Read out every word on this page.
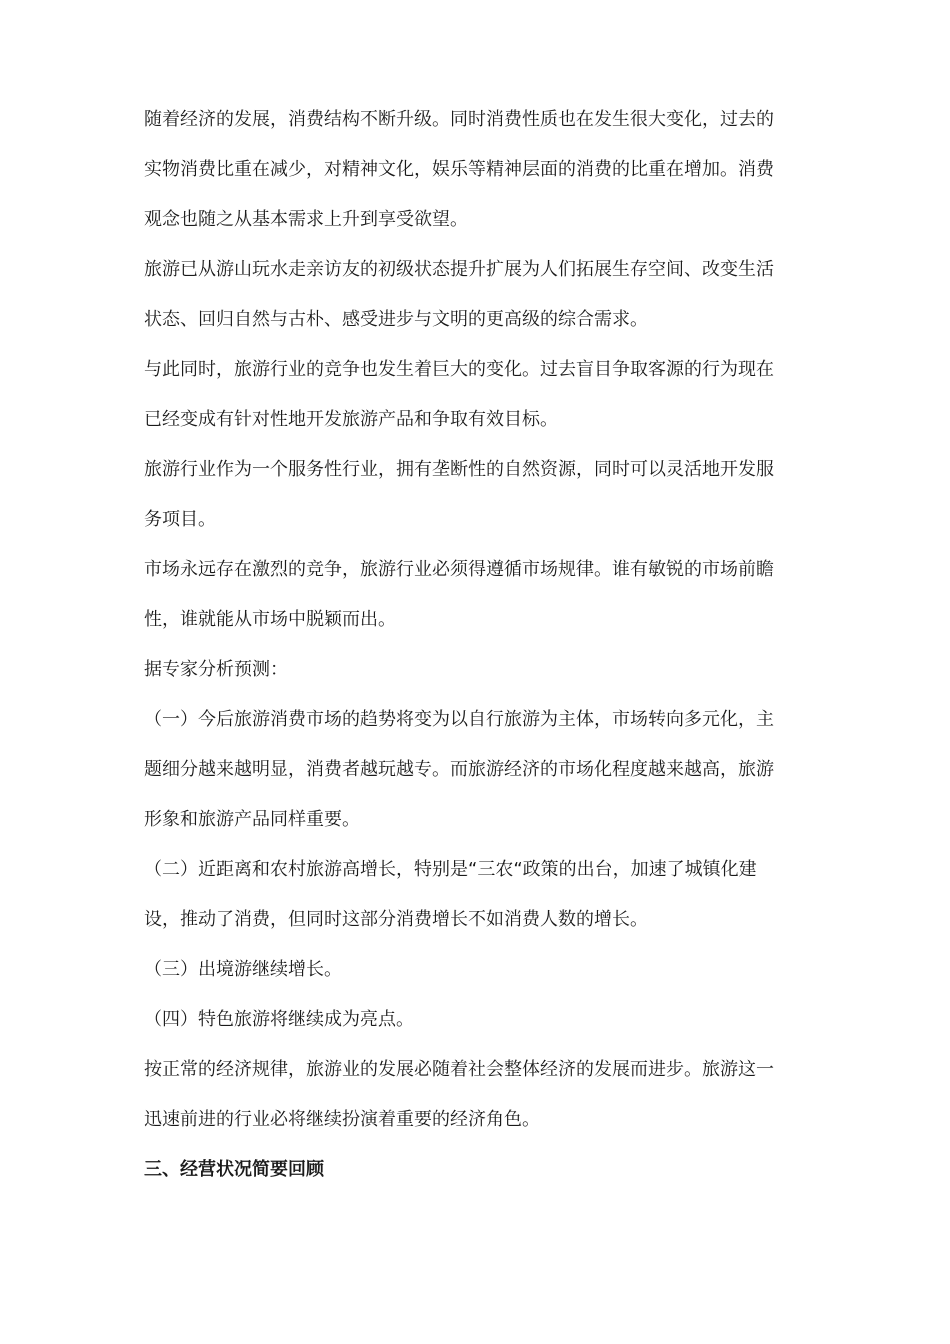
随着经济的发展，消费结构不断升级。同时消费性质也在发生很大变化，过去的
实物消费比重在减少，对精神文化，娱乐等精神层面的消费的比重在增加。消费
观念也随之从基本需求上升到享受欲望。
旅游已从游山玩水走亲访友的初级状态提升扩展为人们拓展生存空间、改变生活
状态、回归自然与古朴、感受进步与文明的更高级的综合需求。
与此同时，旅游行业的竞争也发生着巨大的变化。过去盲目争取客源的行为现在
已经变成有针对性地开发旅游产品和争取有效目标。
旅游行业作为一个服务性行业，拥有垄断性的自然资源，同时可以灵活地开发服
务项目。
市场永远存在激烈的竞争，旅游行业必须得遵循市场规律。谁有敏锐的市场前瞻
性，谁就能从市场中脱颖而出。
据专家分析预测：
（一）今后旅游消费市场的趋势将变为以自行旅游为主体，市场转向多元化，主
题细分越来越明显，消费者越玩越专。而旅游经济的市场化程度越来越高，旅游
形象和旅游产品同样重要。
（二）近距离和农村旅游高增长，特别是“三农“政策的出台，加速了城镇化建
设，推动了消费，但同时这部分消费增长不如消费人数的增长。
（三）出境游继续增长。
（四）特色旅游将继续成为亮点。
按正常的经济规律，旅游业的发展必随着社会整体经济的发展而进步。旅游这一
迅速前进的行业必将继续扮演着重要的经济角色。
三、经营状况简要回顾
